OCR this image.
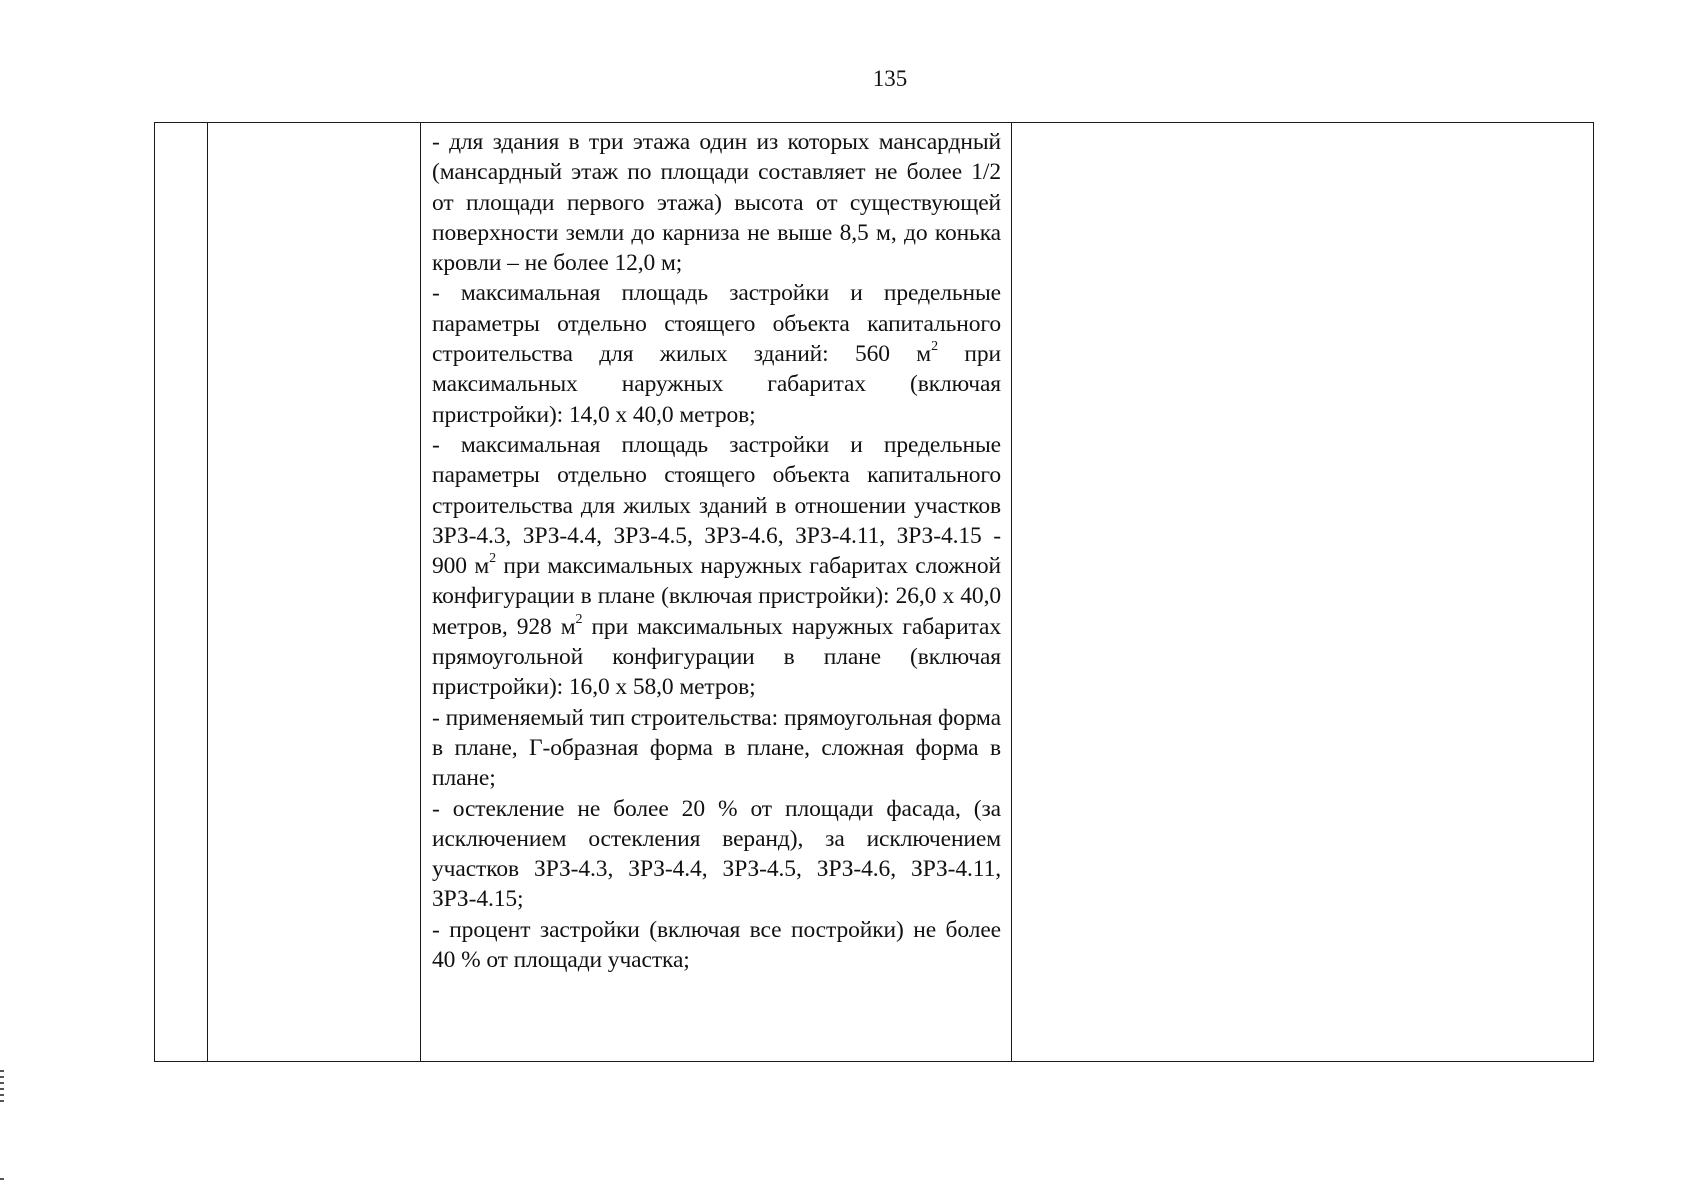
135

- для здания в три этажа один из которых мансардный (мансардный этаж по площади составляет не более 1/2 от площади первого этажа) высота от существующей поверхности земли до карниза не выше 8,5 м, до конька кровли – не более 12,0 м;

- максимальная площадь застройки и предельные параметры отдельно стоящего объекта капитального строительства для жилых зданий: 560 $м^2$ при максимальных наружных габаритах (включая пристройки): 14,0 х 40,0 метров;

- максимальная площадь застройки и предельные параметры отдельно стоящего объекта капитального строительства для жилых зданий в отношении участков ЗРЗ-4.3, ЗРЗ-4.4, ЗРЗ-4.5, ЗРЗ-4.6, ЗРЗ-4.11, ЗРЗ-4.15 - 900 $м^2$ при максимальных наружных габаритах сложной конфигурации в плане (включая пристройки): 26,0 х 40,0 метров, 928 $м^2$ при максимальных наружных габаритах прямоугольной конфигурации в плане (включая пристройки): 16,0 х 58,0 метров;

- применяемый тип строительства: прямоугольная форма в плане, Г-образная форма в плане, сложная форма в плане;

- остекление не более 20 % от площади фасада, (за исключением остекления веранд), за исключением участков ЗРЗ-4.3, ЗРЗ-4.4, ЗРЗ-4.5, ЗРЗ-4.6, ЗРЗ-4.11, ЗРЗ-4.15;

- процент застройки (включая все постройки) не более 40 % от площади участка;
